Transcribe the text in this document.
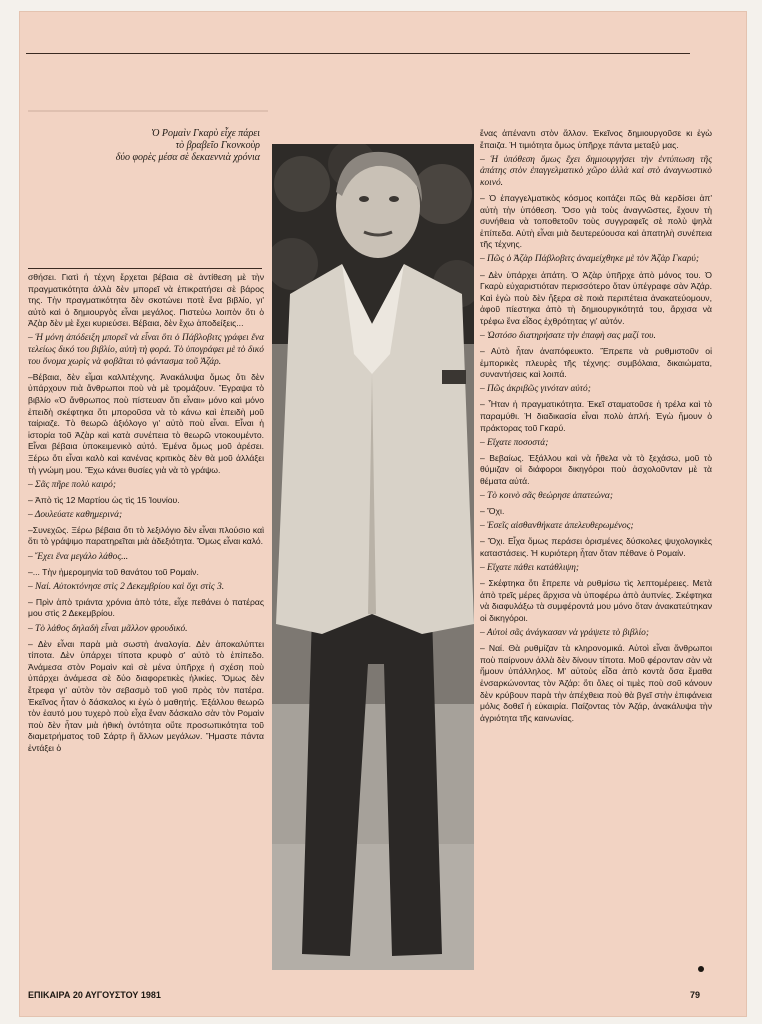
Ὁ Ρομαὶν Γκαρὺ εἶχε πάρει
τὸ βραβεῖο Γκονκοὺρ
δύο φορὲς μέσα σὲ δεκαεννιὰ χρόνια

σθήσει. Γιατὶ ἡ τέχνη ἔρχεται βέβαια σὲ ἀντίθεση μὲ τὴν πραγματικότητα ἀλλὰ δὲν μπορεῖ νὰ ἐπικρατήσει σὲ βάρος της. Τὴν πραγματικότητα δὲν σκοτώνει ποτὲ ἕνα βιβλίο, γι' αὐτὸ καὶ ὁ δημιουργὸς εἶναι μεγάλος. Πιστεύω λοιπὸν ὅτι ὁ Ἀζὰρ δὲν μὲ ἔχει κυριεύσει. Βέβαια, δὲν ἔχω ἀποδείξεις...

– Ἡ μόνη ἀπόδειξη μπορεῖ νὰ εἶναι ὅτι ὁ Πάβλοβιτς γράφει ἕνα τελείως δικό του βιβλίο, αὐτὴ τὴ φορά. Τὸ ὑπογράφει μὲ τὸ δικό του ὄνομα χωρὶς νὰ φοβᾶται τὸ φάντασμα τοῦ Ἀζάρ.

–Βέβαια, δὲν εἶμαι καλλιτέχνης. Ἀνακάλυψα ὅμως ὅτι δὲν ὑπάρχουν πιὰ ἄνθρωποι ποὺ νὰ μὲ τρομάζουν. Ἔγραψα τὸ βιβλίο «Ὁ ἄνθρωπος ποὺ πίστευαν ὅτι εἶναι» μόνο καὶ μόνο ἐπειδὴ σκέφτηκα ὅτι μποροῦσα νὰ τὸ κάνω καὶ ἐπειδὴ μοῦ ταίριαζε. Τὸ θεωρῶ ἀξιόλογο γι' αὐτὸ ποὺ εἶναι. Εἶναι ἡ ἱστορία τοῦ Ἀζὰρ καὶ κατὰ συνέπεια τὸ θεωρῶ ντοκουμέντο. Εἶναι βέβαια ὑποκειμενικὸ αὐτό. Ἐμένα ὅμως μοῦ ἀρέσει. Ξέρω ὅτι εἶναι καλὸ καὶ κανένας κριτικὸς δὲν θὰ μοῦ ἀλλάξει τὴ γνώμη μου. Ἔχω κάνει θυσίες γιὰ νὰ τὸ γράψω.

– Σᾶς πῆρε πολὺ καιρό;

– Ἀπὸ τὶς 12 Μαρτίου ὡς τὶς 15 Ἰουνίου.

– Δουλεύατε καθημερινά;

–Συνεχῶς. Ξέρω βέβαια ὅτι τὸ λεξιλόγιο δὲν εἶναι πλούσιο καὶ ὅτι τὸ γράψιμο παρατηρεῖται μιὰ ἀδεξιότητα. Ὅμως εἶναι καλό.

– Ἔχει ἕνα μεγάλο λάθος...

–... Τὴν ἡμερομηνία τοῦ θανάτου τοῦ Ρομαίν.

– Ναί. Αὐτοκτόνησε στὶς 2 Δεκεμβρίου καὶ ὄχι στὶς 3.

– Πρὶν ἀπὸ τριάντα χρόνια ἀπὸ τότε, εἶχε πεθάνει ὁ πατέρας μου στὶς 2 Δεκεμβρίου.

– Τὸ λάθος δηλαδὴ εἶναι μᾶλλον φρουδικό.

– Δὲν εἶναι παρὰ μιὰ σωστὴ ἀναλογία. Δὲν ἀποκαλύπτει τίποτα. Δὲν ὑπάρχει τίποτα κρυφὸ σ' αὐτὸ τὸ ἐπίπεδο. Ἀνάμεσα στὸν Ρομαὶν καὶ σὲ μένα ὑπῆρχε ἡ σχέση ποὺ ὑπάρχει ἀνάμεσα σὲ δύο διαφορετικὲς ἡλικίες. Ὅμως δὲν ἔτρεφα γι' αὐτὸν τὸν σεβασμὸ τοῦ γιοῦ πρὸς τὸν πατέρα. Ἐκεῖνος ἦταν ὁ δάσκαλος κι ἐγὼ ὁ μαθητής. Ἐξάλλου θεωρῶ τὸν ἑαυτό μου τυχερὸ ποὺ εἶχα ἕναν δάσκαλο σὰν τὸν Ρομαὶν ποὺ δὲν ἦταν μιὰ ἠθικὴ ὀντότητα οὔτε προσωπικότητα τοῦ διαμετρήματος τοῦ Σάρτρ ἢ ἄλλων μεγάλων. Ἤμαστε πάντα ἐντάξει ὁ

ἕνας ἀπέναντι στὸν ἄλλον. Ἐκεῖνος δημιουργοῦσε κι ἐγὼ ἔπαιζα. Ἡ τιμιότητα ὅμως ὑπῆρχε πάντα μεταξύ μας.

– Ἡ ὑπόθεση ὅμως ἔχει δημιουργήσει τὴν ἐντύπωση τῆς ἀπάτης στὸν ἐπαγγελματικὸ χῶρο ἀλλὰ καὶ στὸ ἀναγνωστικὸ κοινό.

– Ὁ ἐπαγγελματικὸς κόσμος κοιτάζει πῶς θὰ κερδίσει ἀπ' αὐτὴ τὴν ὑπόθεση. Ὅσο γιὰ τοὺς ἀναγνῶστες, ἔχουν τὴ συνήθεια νὰ τοποθετοῦν τοὺς συγγραφεῖς σὲ πολὺ ψηλὰ ἐπίπεδα. Αὐτὴ εἶναι μιὰ δευτερεύουσα καὶ ἀπατηλὴ συνέπεια τῆς τέχνης.

– Πῶς ὁ Ἀζὰρ Πάβλοβιτς ἀναμείχθηκε μὲ τὸν Ἀζὰρ Γκαρύ;

– Δὲν ὑπάρχει ἀπάτη. Ὁ Ἀζὰρ ὑπῆρχε ἀπὸ μόνος του. Ὁ Γκαρὺ εὐχαριστιόταν περισσότερο ὅταν ὑπέγραφε σὰν Ἀζάρ. Καὶ ἐγὼ ποὺ δὲν ἤξερα σὲ ποιὰ περιπέτεια ἀνακατεύομουν, ἀφοῦ πίεστηκα ἀπὸ τὴ δημιουργικότητά του, ἄρχισα νὰ τρέφω ἕνα εἶδος ἐχθρότητας γι' αὐτόν.

– Ὡστόσο διατηρήσατε τὴν ἐπαφὴ σας μαζί του.

– Αὐτὸ ἦταν ἀναπόφευκτο. Ἔπρεπε νὰ ρυθμιστοῦν οἱ ἐμπορικὲς πλευρὲς τῆς τέχνης: συμβόλαια, δικαιώματα, συναντήσεις καὶ λοιπά.

– Πῶς ἀκριβῶς γινόταν αὐτό;

– Ἦταν ἡ πραγματικότητα. Ἐκεῖ σταματοῦσε ἡ τρέλα καὶ τὸ παραμύθι. Ἡ διαδικασία εἶναι πολὺ ἁπλή. Ἐγὼ ἤμουν ὁ πράκτορας τοῦ Γκαρύ.

– Εἴχατε ποσοστά;

– Βεβαίως. Ἐξάλλου καὶ νὰ ἤθελα νὰ τὸ ξεχάσω, μοῦ τὸ θύμιζαν οἱ διάφοροι δικηγόροι ποὺ ἀσχολοῦνταν μὲ τὰ θέματα αὐτά.

– Τὸ κοινὸ σᾶς θεώρησε ἀπατεώνα;

– Ὄχι.

– Ἐσεῖς αἰσθανθήκατε ἀπελευθερωμένος;

– Ὄχι. Εἶχα ὅμως περάσει ὁρισμένες δύσκολες ψυχολογικὲς καταστάσεις. Ἡ κυριότερη ἦταν ὅταν πέθανε ὁ Ρομαίν.

– Εἴχατε πάθει κατάθλιψη;

– Σκέφτηκα ὅτι ἔπρεπε νὰ ρυθμίσω τὶς λεπτομέρειες. Μετὰ ἀπὸ τρεῖς μέρες ἄρχισα νὰ ὑποφέρω ἀπὸ ἀυπνίες. Σκέφτηκα νὰ διαφυλάξω τὰ συμφέροντά μου μόνο ὅταν ἀνακατεύτηκαν οἱ δικηγόροι.

– Αὐτοὶ σᾶς ἀνάγκασαν νὰ γράψετε τὸ βιβλίο;

– Ναί. Θὰ ρυθμίζαν τὰ κληρονομικά. Αὐτοὶ εἶναι ἄνθρωποι ποὺ παίρνουν ἀλλὰ δὲν δίνουν τίποτα. Μοῦ φέρονταν σὰν νὰ ἤμουν ὑπάλληλος. Μ' αὐτοὺς εἶδα ἀπὸ κοντὰ ὅσα ἔμαθα ἐνσαρκώνοντας τὸν Ἀζάρ: ὅτι ὅλες οἱ τιμὲς ποὺ σοῦ κάνουν δὲν κρύβουν παρὰ τὴν ἀπέχθεια ποὺ θὰ βγεῖ στὴν ἐπιφάνεια μόλις δοθεῖ ἡ εὐκαιρία. Παίζοντας τὸν Ἀζάρ, ἀνακάλυψα τὴν ἀγριότητα τῆς καινωνίας.

ΕΠΙΚΑΙΡΑ 20 ΑΥΓΟΥΣΤΟΥ 1981	79
